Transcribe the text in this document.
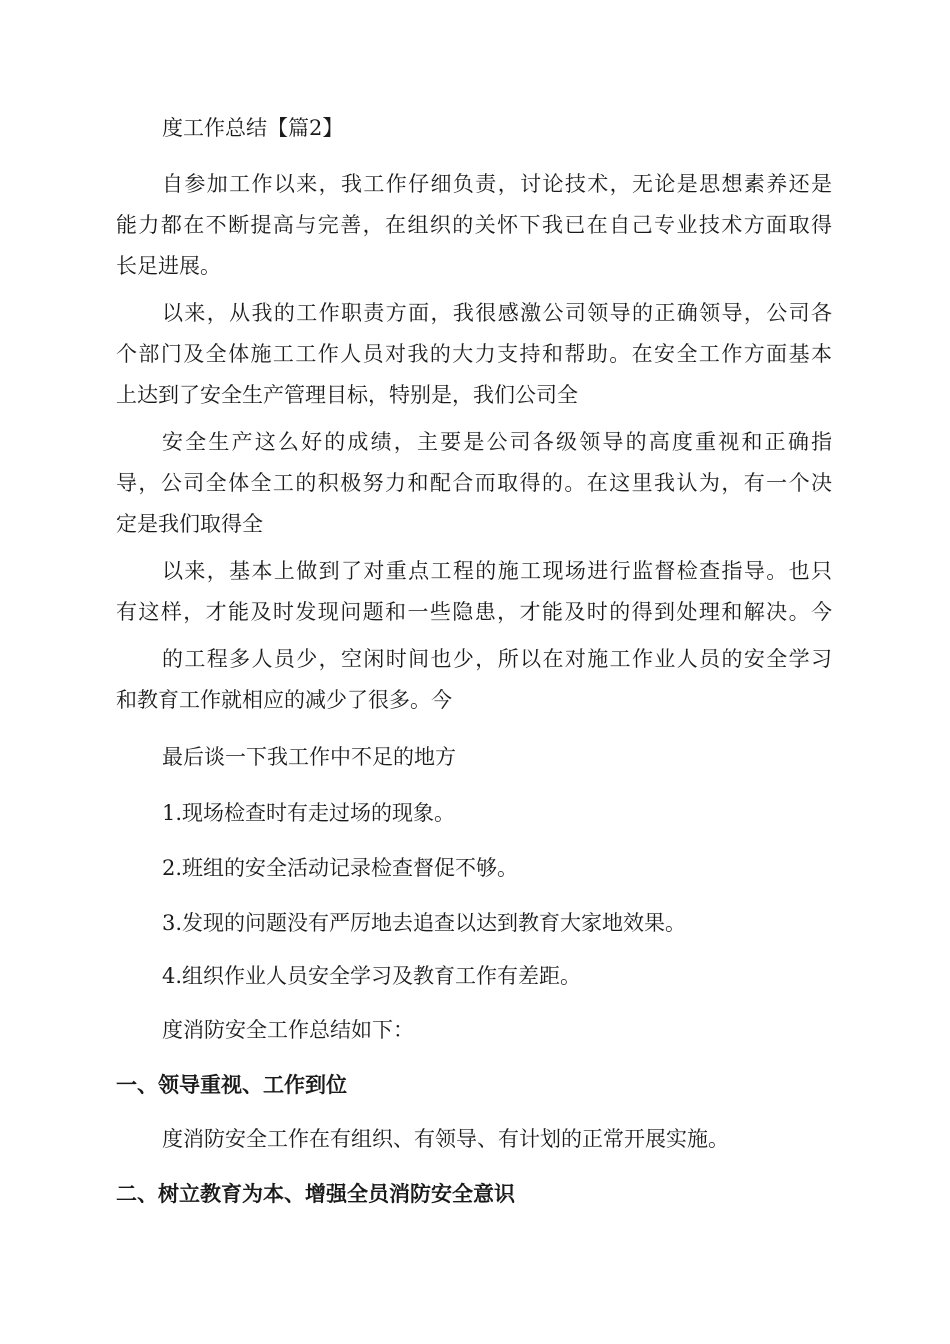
度工作总结【篇2】
自参加工作以来，我工作仔细负责，讨论技术，无论是思想素养还是
能力都在不断提高与完善，在组织的关怀下我已在自己专业技术方面取得
长足进展。
以来，从我的工作职责方面，我很感激公司领导的正确领导，公司各
个部门及全体施工工作人员对我的大力支持和帮助。在安全工作方面基本
上达到了安全生产管理目标，特别是，我们公司全
安全生产这么好的成绩，主要是公司各级领导的高度重视和正确指
导，公司全体全工的积极努力和配合而取得的。在这里我认为，有一个决
定是我们取得全
以来，基本上做到了对重点工程的施工现场进行监督检查指导。也只
有这样，才能及时发现问题和一些隐患，才能及时的得到处理和解决。今
的工程多人员少，空闲时间也少，所以在对施工作业人员的安全学习
和教育工作就相应的减少了很多。今
最后谈一下我工作中不足的地方
1.现场检查时有走过场的现象。
2.班组的安全活动记录检查督促不够。
3.发现的问题没有严厉地去追查以达到教育大家地效果。
4.组织作业人员安全学习及教育工作有差距。
度消防安全工作总结如下：
一、领导重视、工作到位
度消防安全工作在有组织、有领导、有计划的正常开展实施。
二、树立教育为本、增强全员消防安全意识
